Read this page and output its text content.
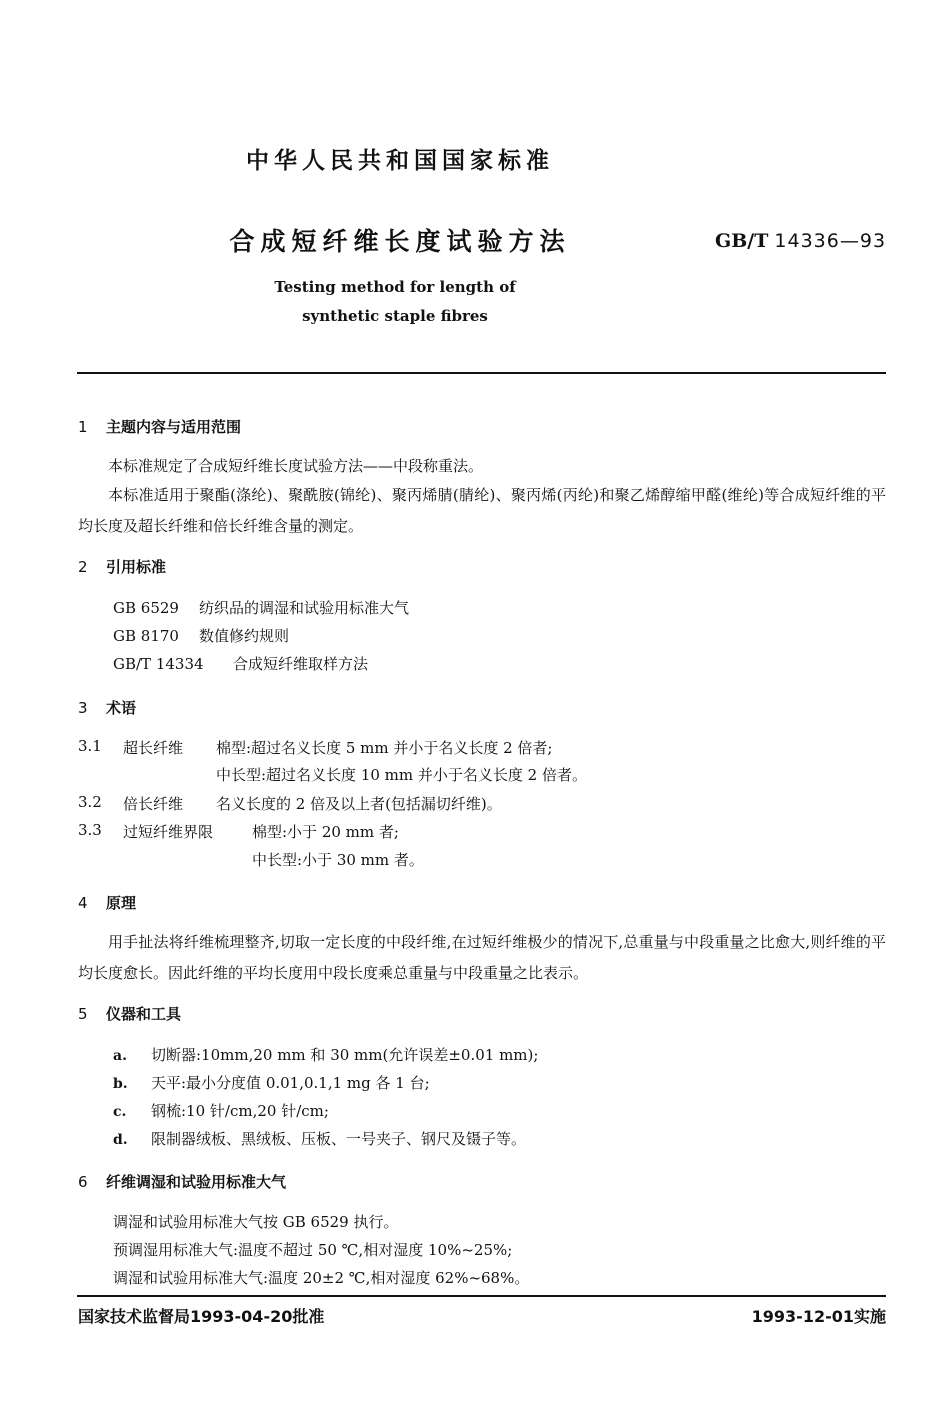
中华人民共和国国家标准
合成短纤维长度试验方法	GB/T 14336—93
Testing method for length of
synthetic staple fibres
1 主题内容与适用范围
本标准规定了合成短纤维长度试验方法——中段称重法。
本标准适用于聚酯(涤纶)、聚酰胺(锦纶)、聚丙烯腈(腈纶)、聚丙烯(丙纶)和聚乙烯醇缩甲醛(维纶)等合成短纤维的平均长度及超长纤维和倍长纤维含量的测定。
2 引用标准
GB 6529 纺织品的调湿和试验用标准大气
GB 8170 数值修约规则
GB/T 14334 合成短纤维取样方法
3 术语
3.1 超长纤维 棉型:超过名义长度 5 mm 并小于名义长度 2 倍者;
中长型:超过名义长度 10 mm 并小于名义长度 2 倍者。
3.2 倍长纤维 名义长度的 2 倍及以上者(包括漏切纤维)。
3.3 过短纤维界限	棉型:小于 20 mm 者;
中长型:小于 30 mm 者。
4 原理
用手扯法将纤维梳理整齐,切取一定长度的中段纤维,在过短纤维极少的情况下,总重量与中段重量之比愈大,则纤维的平均长度愈长。因此纤维的平均长度用中段长度乘总重量与中段重量之比表示。
5 仪器和工具
a. 切断器:10mm,20 mm 和 30 mm(允许误差±0.01 mm);
b. 天平:最小分度值 0.01,0.1,1 mg 各 1 台;
c. 钢梳:10 针/cm,20 针/cm;
d. 限制器绒板、黑绒板、压板、一号夹子、钢尺及镊子等。
6 纤维调湿和试验用标准大气
调湿和试验用标准大气按 GB 6529 执行。
预调湿用标准大气:温度不超过 50 ℃,相对湿度 10%~25%;
调湿和试验用标准大气:温度 20±2 ℃,相对湿度 62%~68%。
国家技术监督局1993-04-20批准	1993-12-01实施
